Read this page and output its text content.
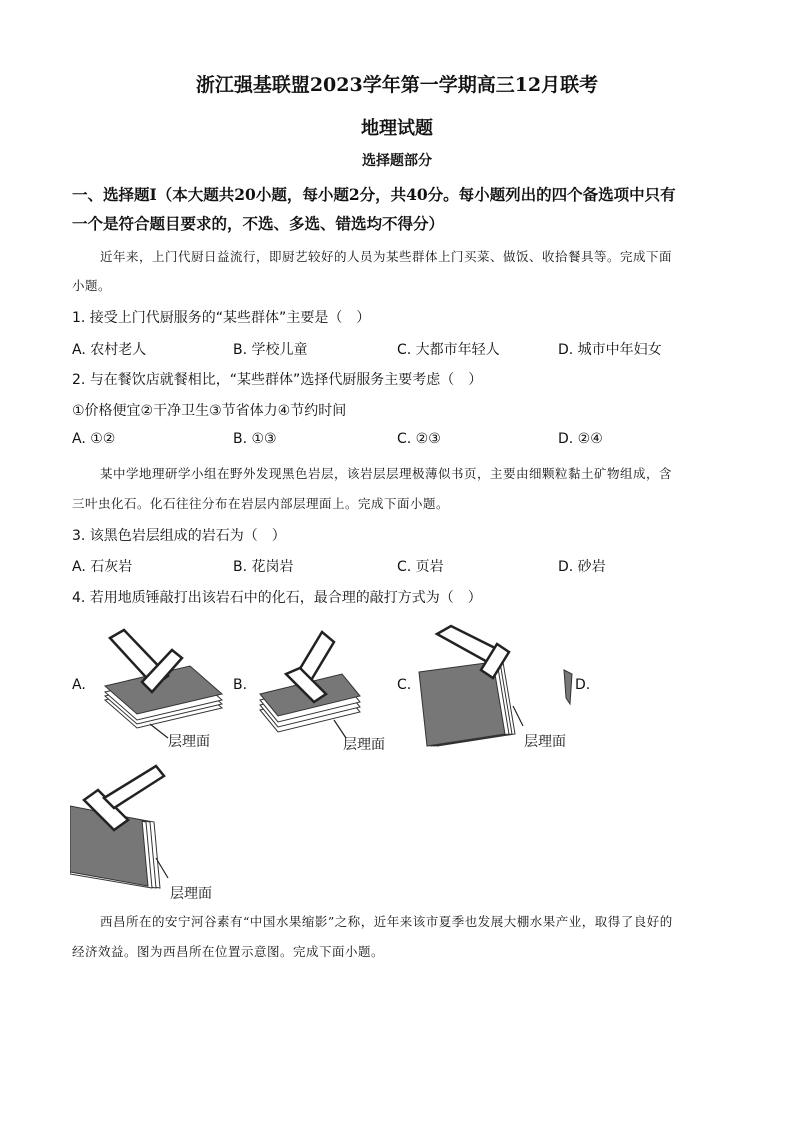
浙江强基联盟2023学年第一学期高三12月联考
地理试题
选择题部分
一、选择题Ⅰ（本大题共20小题，每小题2分，共40分。每小题列出的四个备选项中只有
一个是符合题目要求的，不选、多选、错选均不得分）
近年来，上门代厨日益流行，即厨艺较好的人员为某些群体上门买菜、做饭、收拾餐具等。完成下面
小题。
1. 接受上门代厨服务的“某些群体”主要是（　）
A. 农村老人	B. 学校儿童	C. 大都市年轻人	D. 城市中年妇女
2. 与在餐饮店就餐相比，“某些群体”选择代厨服务主要考虑（　）
①价格便宜②干净卫生③节省体力④节约时间
A. ①②	B. ①③	C. ②③	D. ②④
某中学地理研学小组在野外发现黑色岩层，该岩层层理极薄似书页，主要由细颗粒黏土矿物组成，含
三叶虫化石。化石往往分布在岩层内部层理面上。完成下面小题。
3. 该黑色岩层组成的岩石为（　）
A. 石灰岩	B. 花岗岩	C. 页岩	D. 砂岩
4. 若用地质锤敲打出该岩石中的化石，最合理的敲打方式为（　）
A.
层理面
B.
层理面
C.
层理面
D.
层理面
西昌所在的安宁河谷素有“中国水果缩影”之称，近年来该市夏季也发展大棚水果产业，取得了良好的
经济效益。图为西昌所在位置示意图。完成下面小题。
